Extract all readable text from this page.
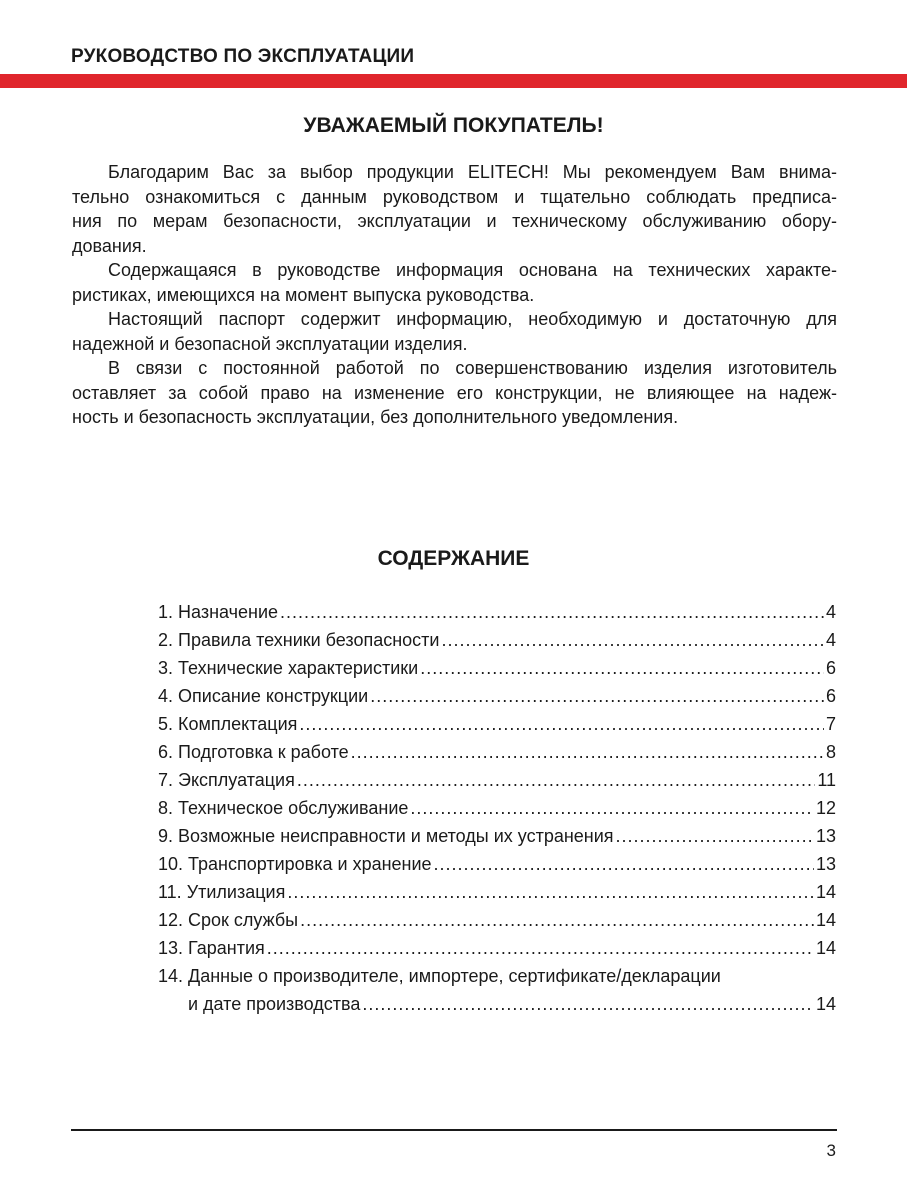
РУКОВОДСТВО ПО ЭКСПЛУАТАЦИИ
УВАЖАЕМЫЙ ПОКУПАТЕЛЬ!
Благодарим Вас за выбор продукции ELITECH! Мы рекомендуем Вам внима-
тельно ознакомиться с данным руководством и тщательно соблюдать предписа-
ния по мерам безопасности, эксплуатации и техническому обслуживанию обору-
дования.
Содержащаяся в руководстве информация основана на технических характе-
ристиках, имеющихся на момент выпуска руководства.
Настоящий паспорт содержит информацию, необходимую и достаточную для
надежной и безопасной эксплуатации изделия.
В связи с постоянной работой по совершенствованию изделия изготовитель
оставляет за собой право на изменение его конструкции, не влияющее на надеж-
ность и безопасность эксплуатации, без дополнительного уведомления.
СОДЕРЖАНИЕ
1. Назначение .....	4
2. Правила техники безопасности .....	4
3. Технические характеристики .....	6
4. Описание конструкции .....	6
5. Комплектация .....	7
6. Подготовка к работе .....	8
7. Эксплуатация .....	11
8. Техническое обслуживание .....	12
9. Возможные неисправности и методы их устранения .....	13
10. Транспортировка и хранение .....	13
11. Утилизация .....	14
12. Срок службы .....	14
13. Гарантия .....	14
14. Данные о производителе, импортере, сертификате/декларации
и дате производства .....	14
3
